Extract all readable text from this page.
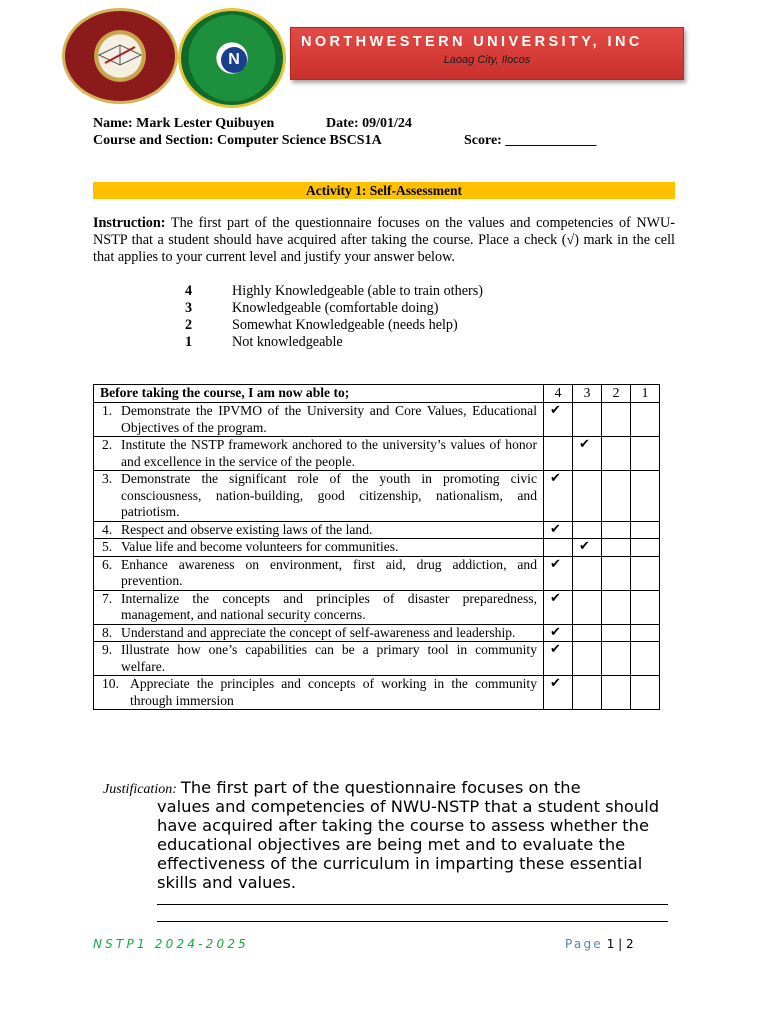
N
NORTHWESTERN UNIVERSITY, INC
Laoag City, Ilocos
Name: Mark Lester Quibuyen	Date: 09/01/24
Course and Section: Computer Science BSCS1A	Score: _____________
Activity 1: Self-Assessment
Instruction: The first part of the questionnaire focuses on the values and competencies of NWU- NSTP that a student should have acquired after taking the course. Place a check (√) mark in the cell that applies to your current level and justify your answer below.
4	Highly Knowledgeable (able to train others)
3	Knowledgeable (comfortable doing)
2	Somewhat Knowledgeable (needs help)
1	Not knowledgeable
Before taking the course, I am now able to;	4	3	2	1

1. Demonstrate the IPVMO of the University and Core Values, Educational Objectives of the program.	✔			

2. Institute the NSTP framework anchored to the university’s values of honor and excellence in the service of the people.		✔		

3. Demonstrate the significant role of the youth in promoting civic consciousness, nation-building, good citizenship, nationalism, and patriotism.	✔			

4. Respect and observe existing laws of the land.	✔			

5. Value life and become volunteers for communities.		✔		

6. Enhance awareness on environment, first aid, drug addiction, and prevention.	✔			

7. Internalize the concepts and principles of disaster preparedness, management, and national security concerns.	✔			

8. Understand and appreciate the concept of self-awareness and leadership.	✔			

9. Illustrate how one’s capabilities can be a primary tool in community welfare.	✔			

10. Appreciate the principles and concepts of working in the community through immersion	✔			
Justification: The first part of the questionnaire focuses on the
values and competencies of NWU-NSTP that a student should have acquired after taking the course to assess whether the educational objectives are being met and to evaluate the effectiveness of the curriculum in imparting these essential skills and values.
NSTP1 2024-2025	Page 1 | 2
